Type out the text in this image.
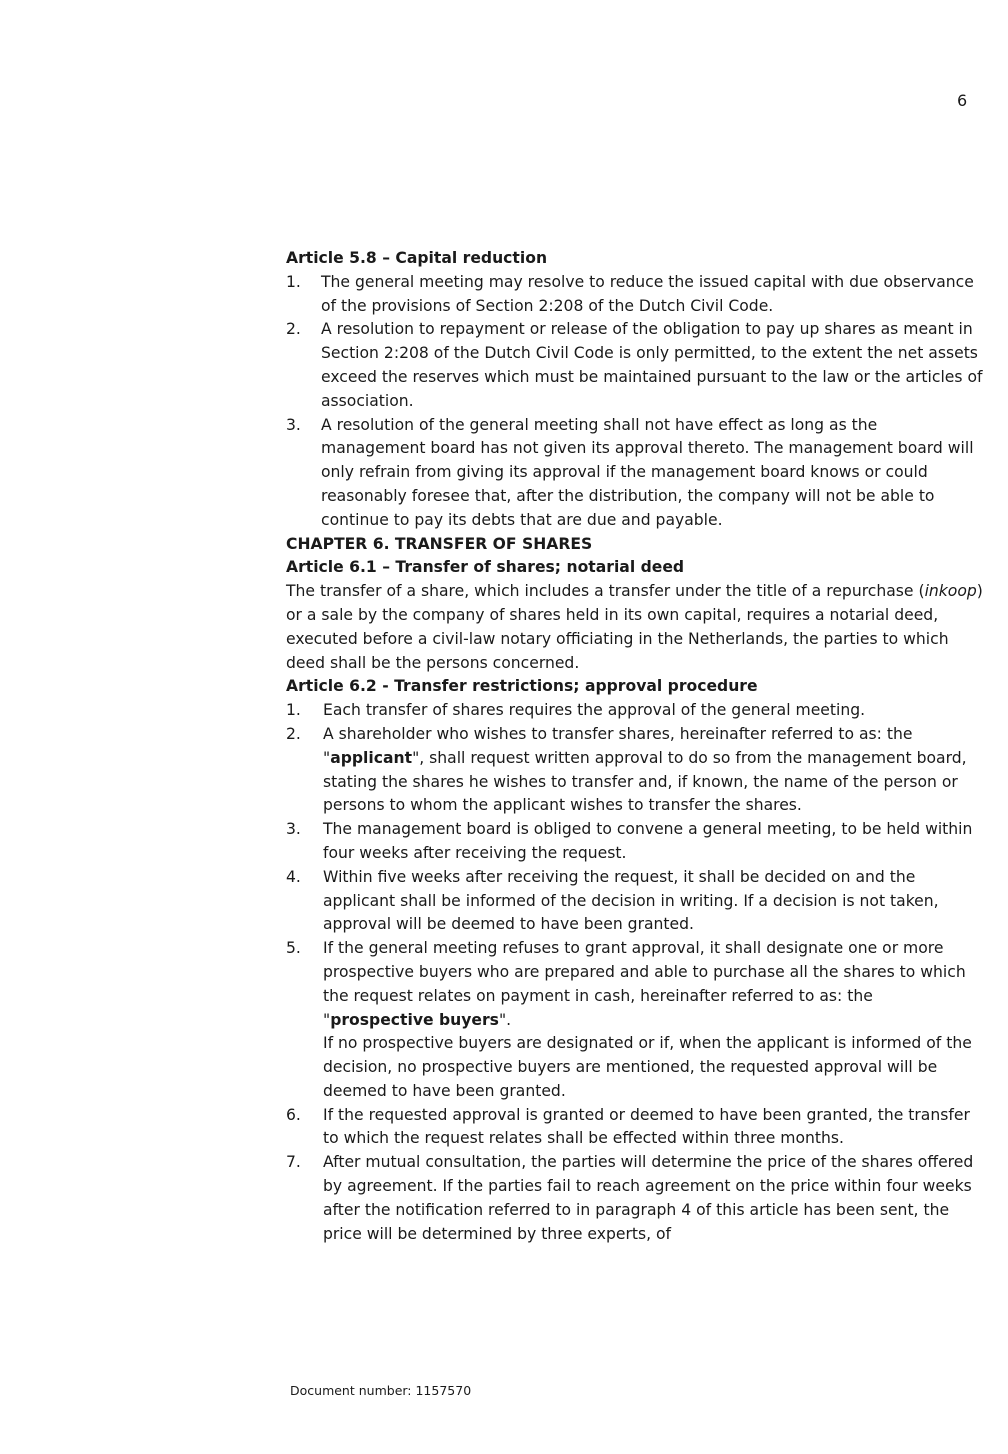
6
Article 5.8 – Capital reduction
1.	The general meeting may resolve to reduce the issued capital with due observance of the provisions of Section 2:208 of the Dutch Civil Code.
2.	A resolution to repayment or release of the obligation to pay up shares as meant in Section 2:208 of the Dutch Civil Code is only permitted, to the extent the net assets exceed the reserves which must be maintained pursuant to the law or the articles of association.
3.	A resolution of the general meeting shall not have effect as long as the management board has not given its approval thereto. The management board will only refrain from giving its approval if the management board knows or could reasonably foresee that, after the distribution, the company will not be able to continue to pay its debts that are due and payable.
CHAPTER 6. TRANSFER OF SHARES
Article 6.1 – Transfer of shares; notarial deed

The transfer of a share, which includes a transfer under the title of a repurchase (inkoop) or a sale by the company of shares held in its own capital, requires a notarial deed, executed before a civil-law notary officiating in the Netherlands, the parties to which deed shall be the persons concerned.

Article 6.2 - Transfer restrictions; approval procedure
1.	Each transfer of shares requires the approval of the general meeting.
2.	A shareholder who wishes to transfer shares, hereinafter referred to as: the "applicant", shall request written approval to do so from the management board, stating the shares he wishes to transfer and, if known, the name of the person or persons to whom the applicant wishes to transfer the shares.
3.	The management board is obliged to convene a general meeting, to be held within four weeks after receiving the request.
4.	Within five weeks after receiving the request, it shall be decided on and the applicant shall be informed of the decision in writing. If a decision is not taken, approval will be deemed to have been granted.
5.	If the general meeting refuses to grant approval, it shall designate one or more prospective buyers who are prepared and able to purchase all the shares to which the request relates on payment in cash, hereinafter referred to as: the "prospective buyers".
If no prospective buyers are designated or if, when the applicant is informed of the decision, no prospective buyers are mentioned, the requested approval will be deemed to have been granted.
6.	If the requested approval is granted or deemed to have been granted, the transfer to which the request relates shall be effected within three months.
7.	After mutual consultation, the parties will determine the price of the shares offered by agreement. If the parties fail to reach agreement on the price within four weeks after the notification referred to in paragraph 4 of this article has been sent, the price will be determined by three experts, of
Document number: 1157570
